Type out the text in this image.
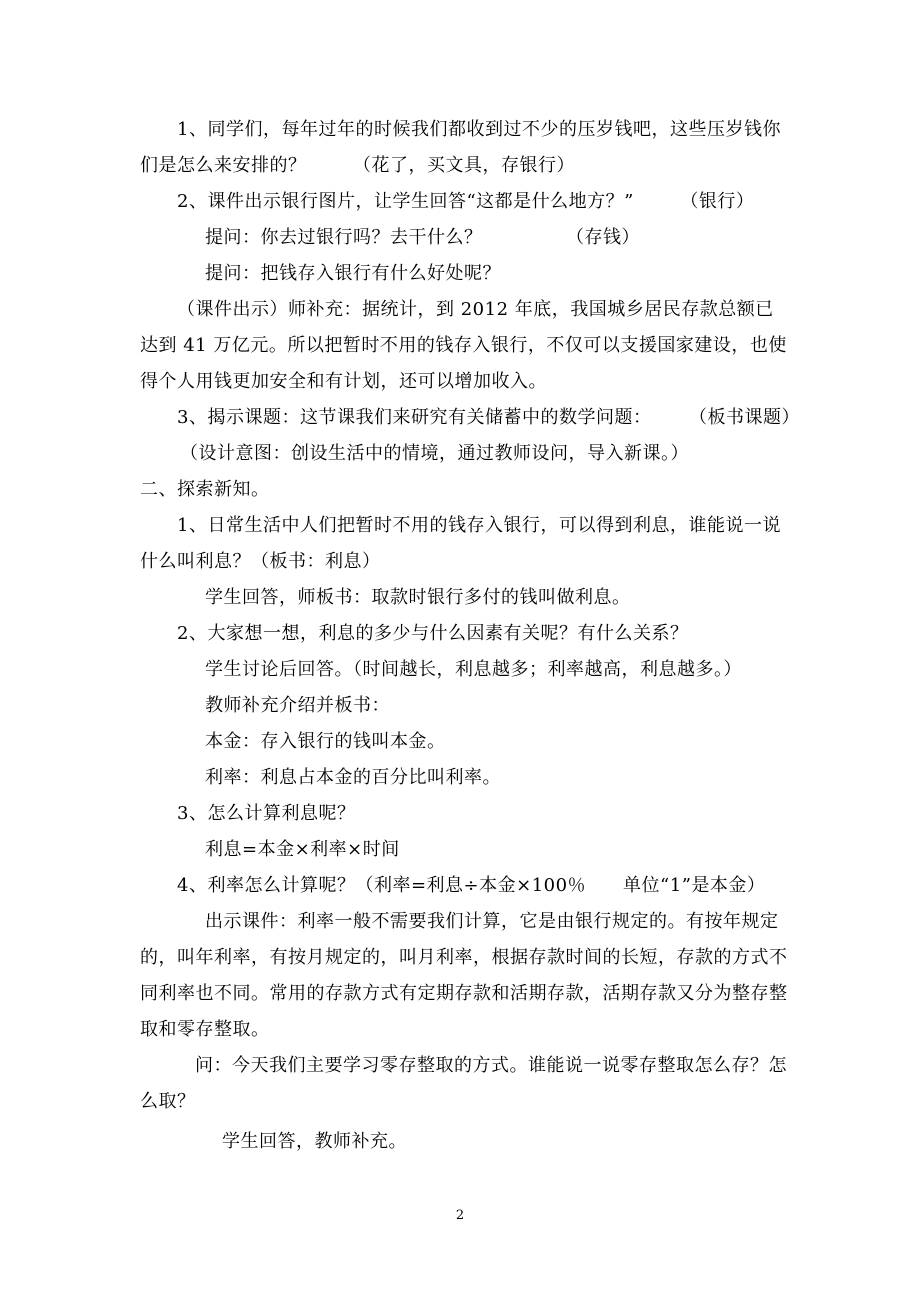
1、同学们，每年过年的时候我们都收到过不少的压岁钱吧，这些压岁钱你
们是怎么来安排的？　　　（花了，买文具，存银行）
2、课件出示银行图片，让学生回答“这都是什么地方？”　　　（银行）
提问：你去过银行吗？去干什么？　　　　　（存钱）
提问：把钱存入银行有什么好处呢？
（课件出示）师补充：据统计，到 2012 年底，我国城乡居民存款总额已
达到 41 万亿元。所以把暂时不用的钱存入银行，不仅可以支援国家建设，也使
得个人用钱更加安全和有计划，还可以增加收入。
3、揭示课题：这节课我们来研究有关储蓄中的数学问题：　　　（板书课题）
（设计意图：创设生活中的情境，通过教师设问，导入新课。）
二、探索新知。
1、日常生活中人们把暂时不用的钱存入银行，可以得到利息，谁能说一说
什么叫利息？（板书：利息）
学生回答，师板书：取款时银行多付的钱叫做利息。
2、大家想一想，利息的多少与什么因素有关呢？有什么关系？
学生讨论后回答。（时间越长，利息越多；利率越高，利息越多。）
教师补充介绍并板书：
本金：存入银行的钱叫本金。
利率：利息占本金的百分比叫利率。
3、怎么计算利息呢？
利息=本金×利率×时间
4、利率怎么计算呢？（利率=利息÷本金×100％　　单位“1”是本金）
出示课件：利率一般不需要我们计算，它是由银行规定的。有按年规定
的，叫年利率，有按月规定的，叫月利率，根据存款时间的长短，存款的方式不
同利率也不同。常用的存款方式有定期存款和活期存款，活期存款又分为整存整
取和零存整取。
问：今天我们主要学习零存整取的方式。谁能说一说零存整取怎么存？怎
么取？
学生回答，教师补充。
2
